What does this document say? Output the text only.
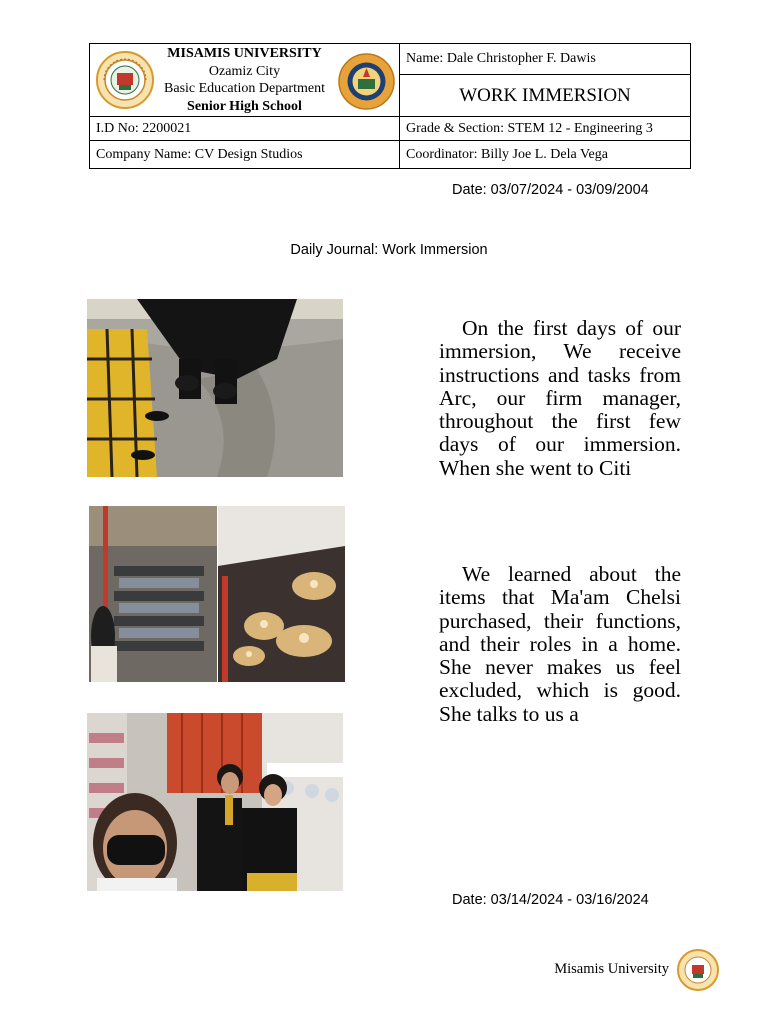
MISAMIS UNIVERSITY
Ozamiz City
Basic Education Department
Senior High School	Name: Dale Christopher F. Dawis
	WORK IMMERSION
I.D No: 2200021	Grade & Section: STEM 12 - Engineering 3
Company Name: CV Design Studios	Coordinator: Billy Joe L. Dela Vega
Date: 03/07/2024 - 03/09/2004
Daily Journal: Work Immersion
On the first days of our immersion, We receive instructions and tasks from Arc, our firm manager, throughout the first few days of our immersion. When she went to Citi
We learned about the items that Ma'am Chelsi purchased, their functions, and their roles in a home. She never makes us feel excluded, which is good. She talks to us a
Date: 03/14/2024 - 03/16/2024
Misamis University
